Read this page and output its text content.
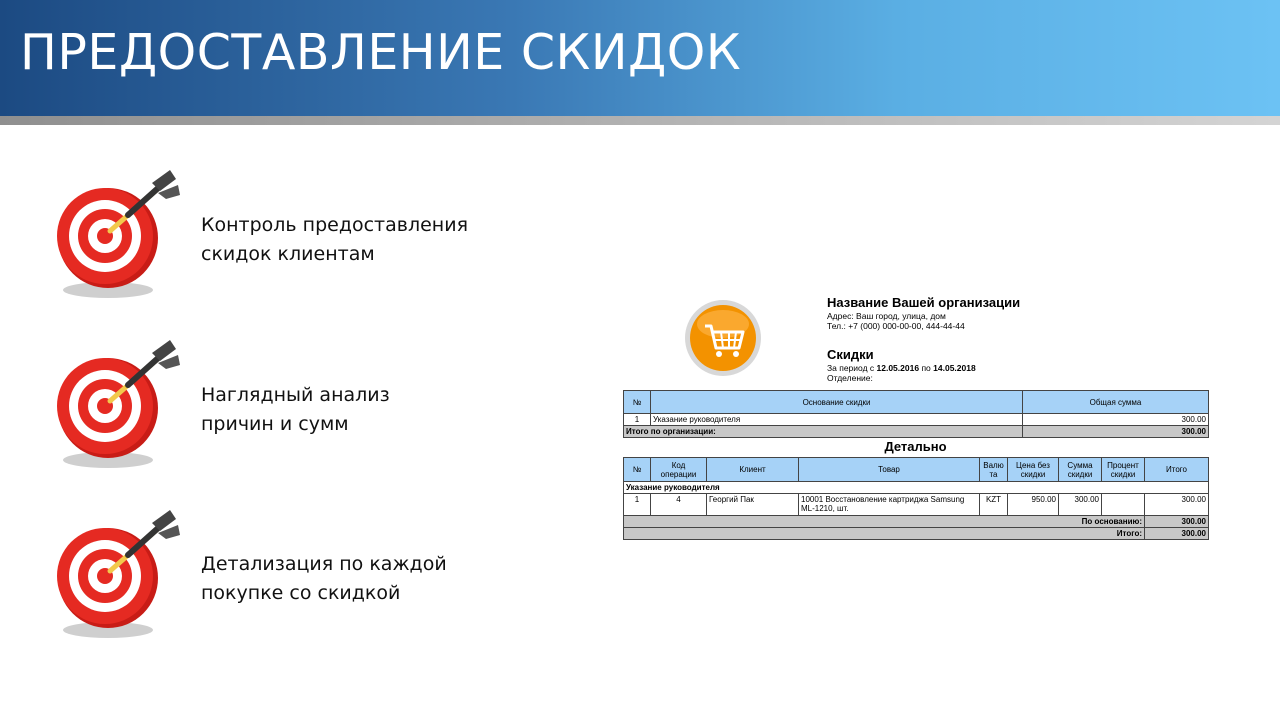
ПРЕДОСТАВЛЕНИЕ СКИДОК
Контроль предоставления
скидок клиентам
Наглядный анализ
причин и сумм
Детализация по каждой
покупке со скидкой
Название Вашей организации
Адрес: Ваш город, улица, дом
Тел.: +7 (000) 000-00-00, 444-44-44
Скидки
За период с 12.05.2016 по 14.05.2018
Отделение:
№	Основание скидки	Общая сумма
1	Указание руководителя	300.00
Итого по организации:		300.00
Детально
№	Код операции	Клиент	Товар	Валю та	Цена без скидки	Сумма скидки	Процент скидки	Итого
Указание руководителя								
1	4	Георгий Пак	10001 Восстановление картриджа Samsung ML-1210, шт.	KZT	950.00	300.00		300.00
По основанию:								300.00
Итого:								300.00
